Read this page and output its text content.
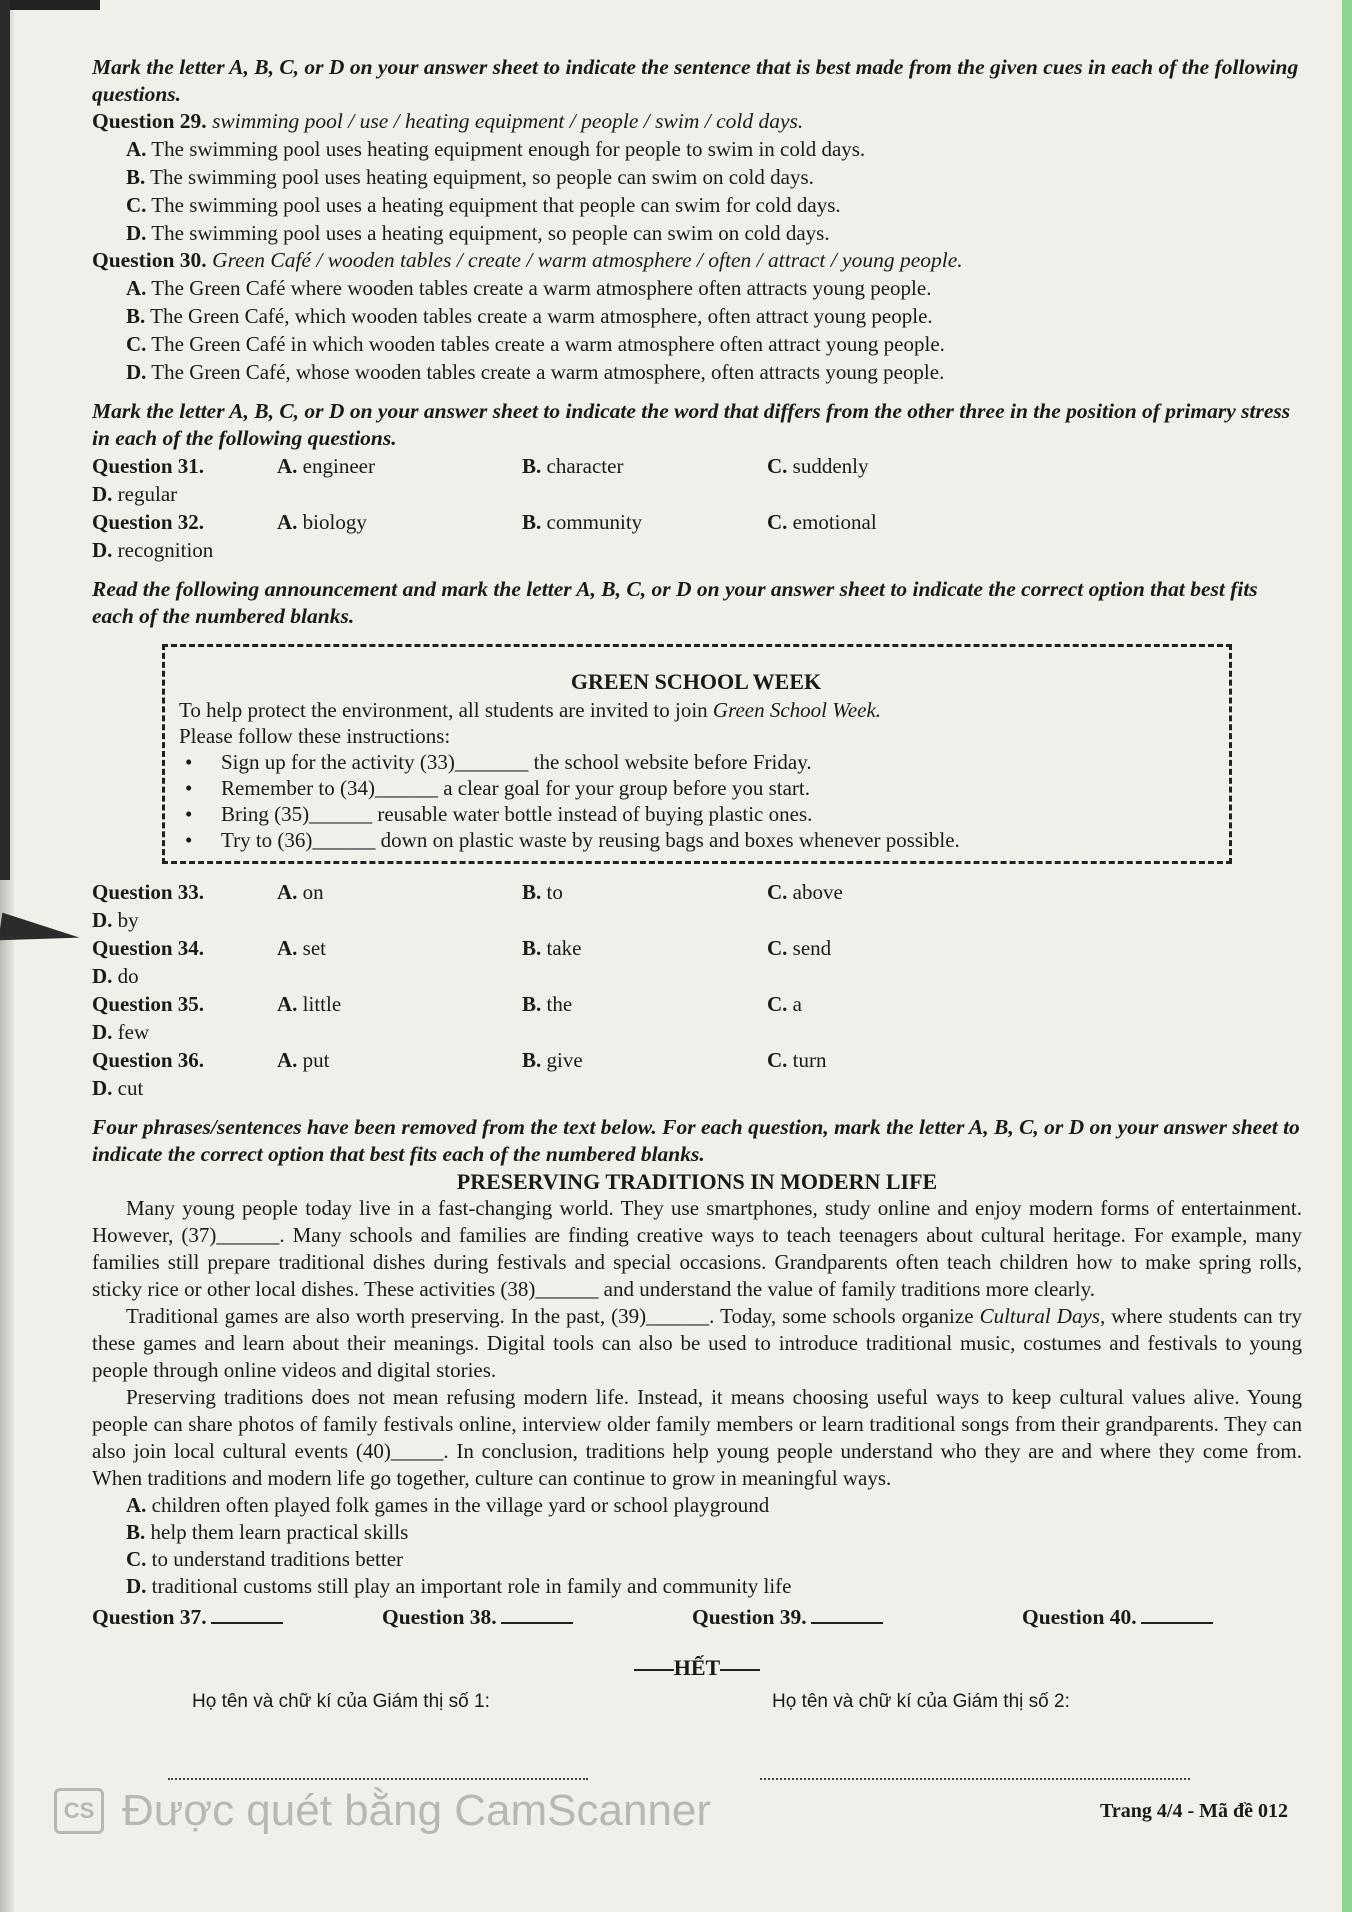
Mark the letter A, B, C, or D on your answer sheet to indicate the sentence that is best made from the given cues in each of the following questions.

Question 29. swimming pool / use / heating equipment / people / swim / cold days.

A. The swimming pool uses heating equipment enough for people to swim in cold days.

B. The swimming pool uses heating equipment, so people can swim on cold days.

C. The swimming pool uses a heating equipment that people can swim for cold days.

D. The swimming pool uses a heating equipment, so people can swim on cold days.

Question 30. Green Café / wooden tables / create / warm atmosphere / often / attract / young people.

A. The Green Café where wooden tables create a warm atmosphere often attracts young people.

B. The Green Café, which wooden tables create a warm atmosphere, often attract young people.

C. The Green Café in which wooden tables create a warm atmosphere often attract young people.

D. The Green Café, whose wooden tables create a warm atmosphere, often attracts young people.

Mark the letter A, B, C, or D on your answer sheet to indicate the word that differs from the other three in the position of primary stress in each of the following questions.

Question 31.	A. engineer	B. character	C. suddenly
D. regular
Question 32.	A. biology	B. community	C. emotional
D. recognition

Read the following announcement and mark the letter A, B, C, or D on your answer sheet to indicate the correct option that best fits each of the numbered blanks.

GREEN SCHOOL WEEK

To help protect the environment, all students are invited to join Green School Week.

Please follow these instructions:

• Sign up for the activity (33)_______ the school website before Friday.
• Remember to (34)______ a clear goal for your group before you start.
• Bring (35)______ reusable water bottle instead of buying plastic ones.
• Try to (36)______ down on plastic waste by reusing bags and boxes whenever possible.
Question 33.	A. on	B. to	C. above
D. by
Question 34.	A. set	B. take	C. send
D. do
Question 35.	A. little	B. the	C. a
D. few
Question 36.	A. put	B. give	C. turn
D. cut

Four phrases/sentences have been removed from the text below. For each question, mark the letter A, B, C, or D on your answer sheet to indicate the correct option that best fits each of the numbered blanks.

PRESERVING TRADITIONS IN MODERN LIFE

Many young people today live in a fast-changing world. They use smartphones, study online and enjoy modern forms of entertainment. However, (37)______. Many schools and families are finding creative ways to teach teenagers about cultural heritage. For example, many families still prepare traditional dishes during festivals and special occasions. Grandparents often teach children how to make spring rolls, sticky rice or other local dishes. These activities (38)______ and understand the value of family traditions more clearly.

Traditional games are also worth preserving. In the past, (39)______. Today, some schools organize Cultural Days, where students can try these games and learn about their meanings. Digital tools can also be used to introduce traditional music, costumes and festivals to young people through online videos and digital stories.

Preserving traditions does not mean refusing modern life. Instead, it means choosing useful ways to keep cultural values alive. Young people can share photos of family festivals online, interview older family members or learn traditional songs from their grandparents. They can also join local cultural events (40)_____. In conclusion, traditions help young people understand who they are and where they come from. When traditions and modern life go together, culture can continue to grow in meaningful ways.

A. children often played folk games in the village yard or school playground

B. help them learn practical skills

C. to understand traditions better

D. traditional customs still play an important role in family and community life

Question 37.	Question 38.	Question 39.	Question 40.
HẾT
Họ tên và chữ kí của Giám thị số 1:	Họ tên và chữ kí của Giám thị số 2:
CS Được quét bằng CamScanner	Trang 4/4 - Mã đề 012
